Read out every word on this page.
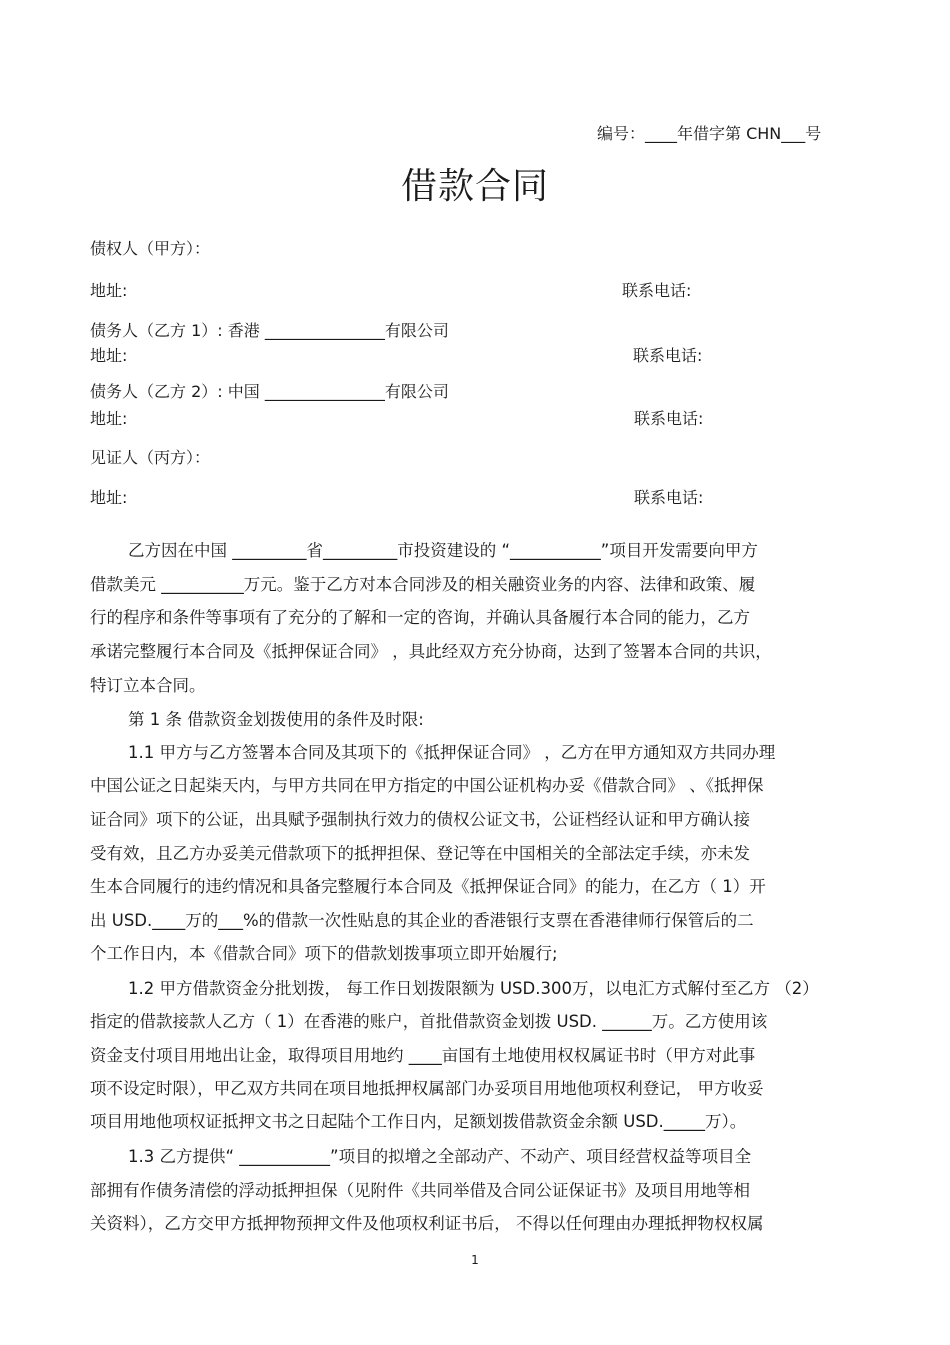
编号：____年借字第 CHN___号
借款合同
债权人（甲方）：
地址:	联系电话:
债务人（乙方 1）: 香港 _______________有限公司
地址:	联系电话:
债务人（乙方 2）: 中国 _______________有限公司
地址:	联系电话:
见证人（丙方）：
地址:	联系电话:
乙方因在中国 _________省_________市投资建设的 “___________”项目开发需要向甲方
借款美元 __________万元。鉴于乙方对本合同涉及的相关融资业务的内容、法律和政策、履
行的程序和条件等事项有了充分的了解和一定的咨询，并确认具备履行本合同的能力，乙方
承诺完整履行本合同及《抵押保证合同》 ，具此经双方充分协商，达到了签署本合同的共识，
特订立本合同。
第 1 条 借款资金划拨使用的条件及时限:
1.1 甲方与乙方签署本合同及其项下的《抵押保证合同》 ，乙方在甲方通知双方共同办理
中国公证之日起柒天内，与甲方共同在甲方指定的中国公证机构办妥《借款合同》 、《抵押保
证合同》项下的公证，出具赋予强制执行效力的债权公证文书，公证档经认证和甲方确认接
受有效，且乙方办妥美元借款项下的抵押担保、登记等在中国相关的全部法定手续，亦未发
生本合同履行的违约情况和具备完整履行本合同及《抵押保证合同》的能力，在乙方（ 1）开
出 USD.____万的___%的借款一次性贴息的其企业的香港银行支票在香港律师行保管后的二
个工作日内，本《借款合同》项下的借款划拨事项立即开始履行;
1.2 甲方借款资金分批划拨， 每工作日划拨限额为 USD.300万，以电汇方式解付至乙方 （2）
指定的借款接款人乙方（ 1）在香港的账户，首批借款资金划拨 USD. ______万。乙方使用该
资金支付项目用地出让金，取得项目用地约 ____亩国有土地使用权权属证书时（甲方对此事
项不设定时限），甲乙双方共同在项目地抵押权属部门办妥项目用地他项权利登记， 甲方收妥
项目用地他项权证抵押文书之日起陆个工作日内，足额划拨借款资金余额 USD._____万）。
1.3 乙方提供“ ___________”项目的拟增之全部动产、不动产、项目经营权益等项目全
部拥有作债务清偿的浮动抵押担保（见附件《共同举借及合同公证保证书》及项目用地等相
关资料），乙方交甲方抵押物预押文件及他项权利证书后， 不得以任何理由办理抵押物权权属
1
